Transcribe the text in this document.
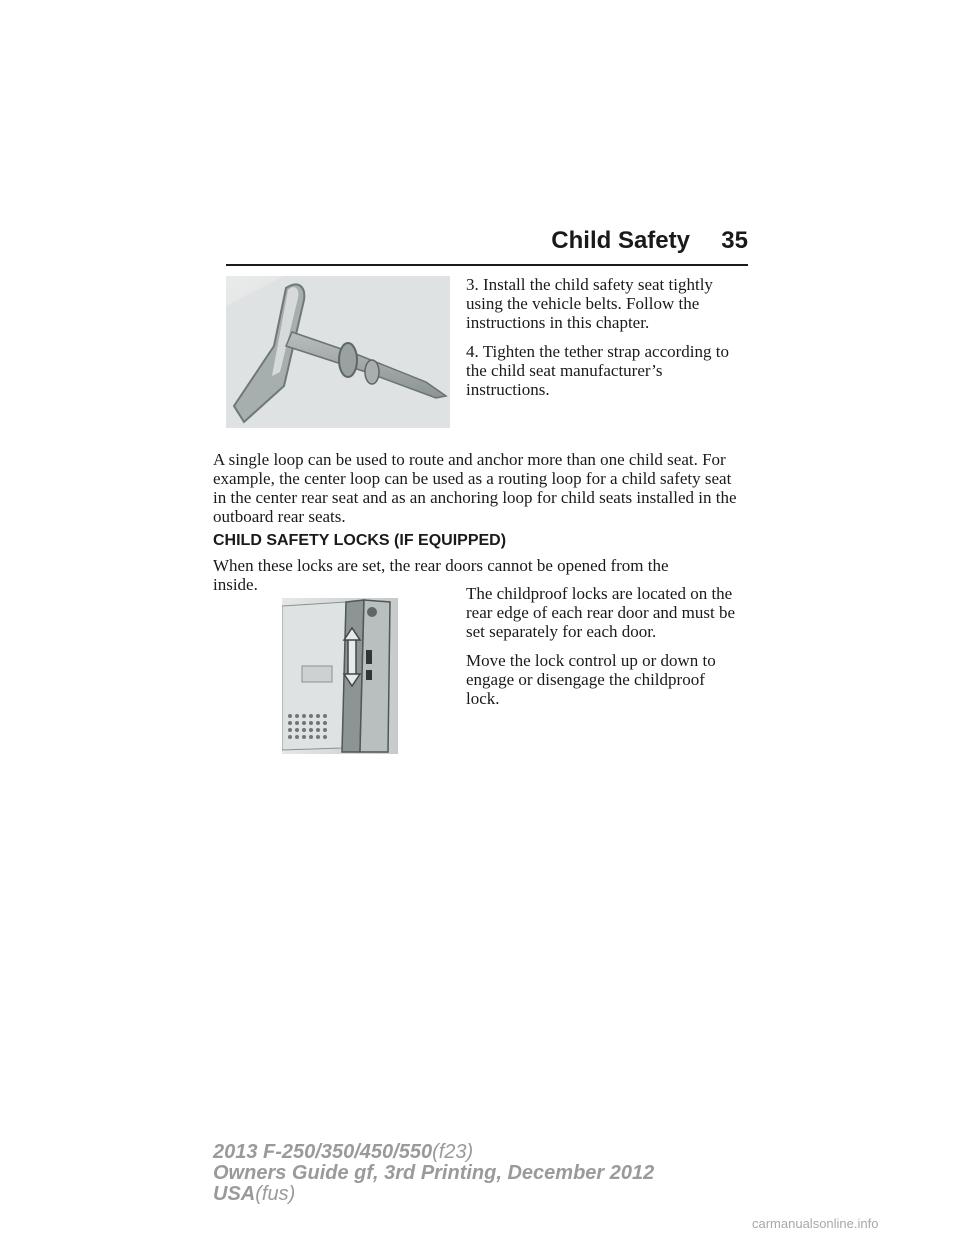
Child Safety	35

3. Install the child safety seat tightly using the vehicle belts. Follow the instructions in this chapter.

4. Tighten the tether strap according to the child seat manufacturer’s instructions.

A single loop can be used to route and anchor more than one child seat. For example, the center loop can be used as a routing loop for a child safety seat in the center rear seat and as an anchoring loop for child seats installed in the outboard rear seats.

CHILD SAFETY LOCKS (IF EQUIPPED)

When these locks are set, the rear doors cannot be opened from the inside.	The childproof locks are located on the rear edge of each rear door and must be set separately for each door.

Move the lock control up or down to engage or disengage the childproof lock.

2013 F-250/350/450/550(f23)
Owners Guide gf, 3rd Printing, December 2012
USA(fus)
carmanualsonline.info
